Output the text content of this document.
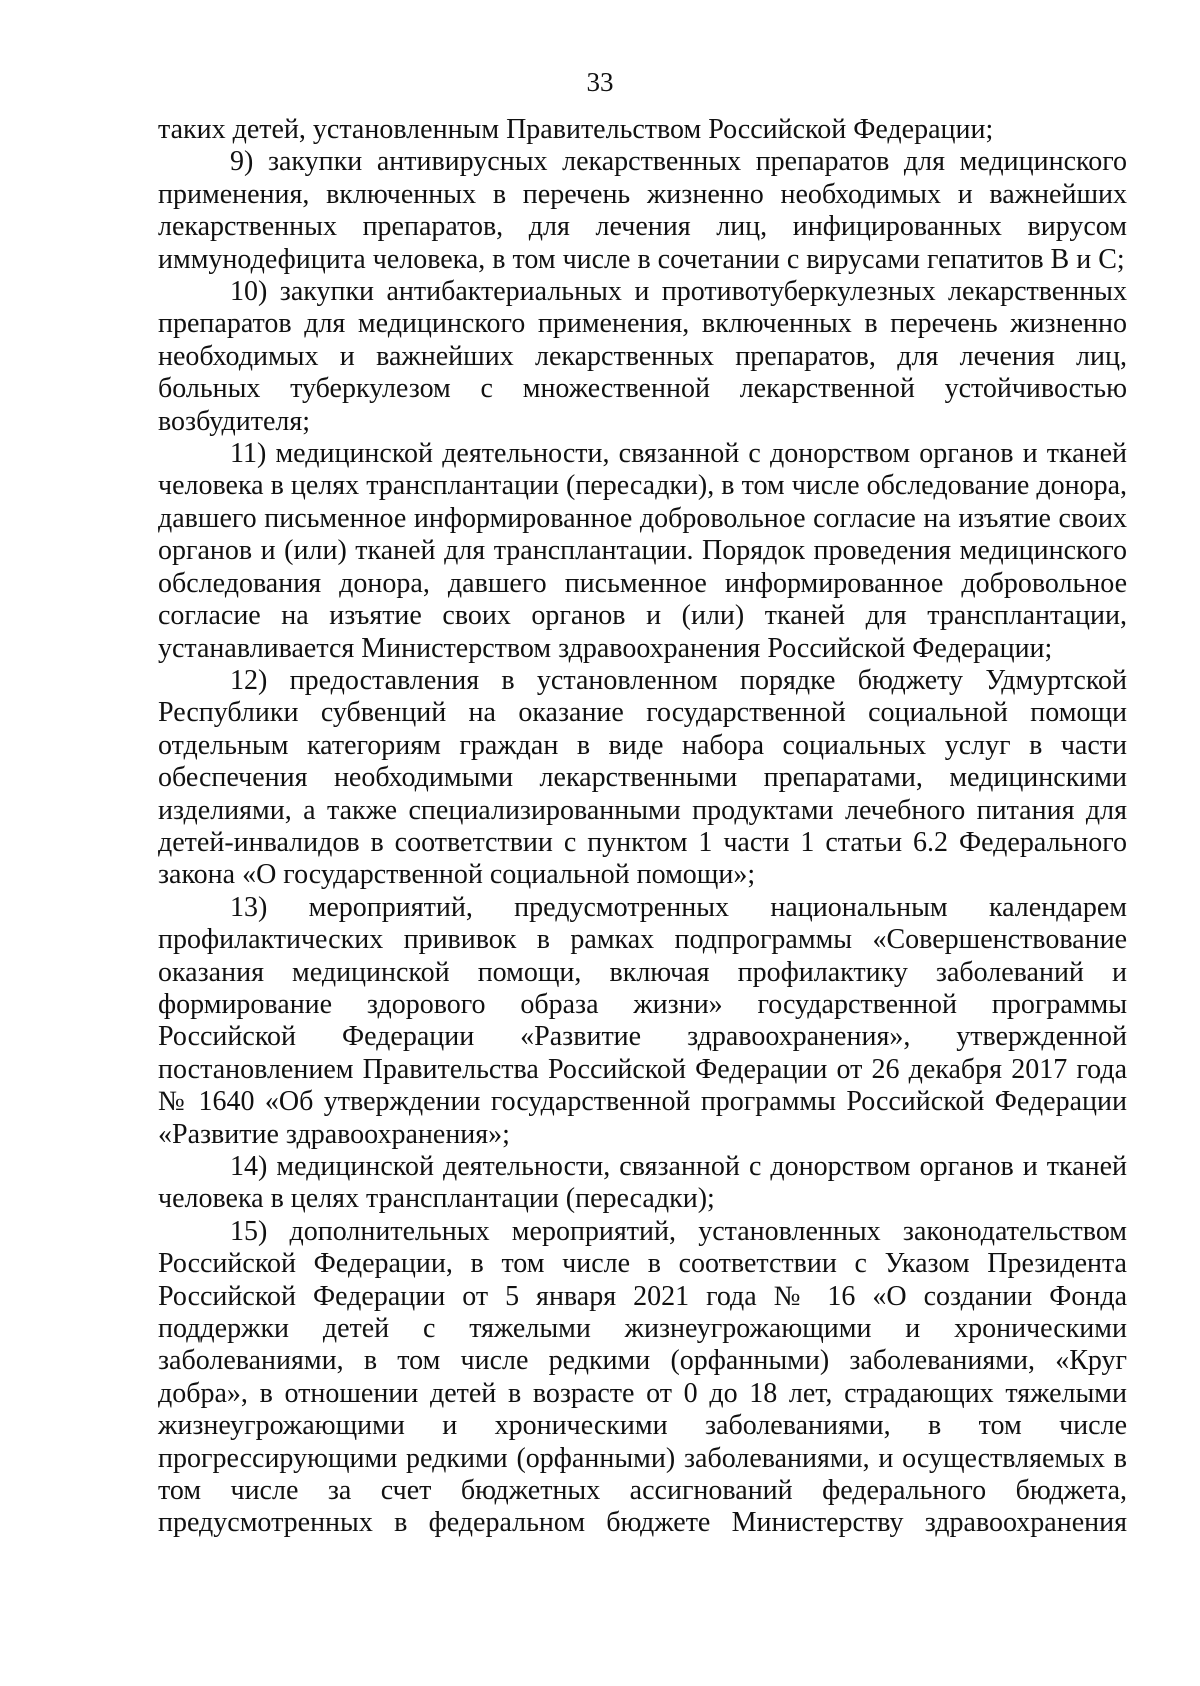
33

таких детей, установленным Правительством Российской Федерации;

9) закупки антивирусных лекарственных препаратов для медицинского применения, включенных в перечень жизненно необходимых и важнейших лекарственных препаратов, для лечения лиц, инфицированных вирусом иммунодефицита человека, в том числе в сочетании с вирусами гепатитов B и C;

10) закупки антибактериальных и противотуберкулезных лекарственных препаратов для медицинского применения, включенных в перечень жизненно необходимых и важнейших лекарственных препаратов, для лечения лиц, больных туберкулезом с множественной лекарственной устойчивостью возбудителя;

11) медицинской деятельности, связанной с донорством органов и тканей человека в целях трансплантации (пересадки), в том числе обследование донора, давшего письменное информированное добровольное согласие на изъятие своих органов и (или) тканей для трансплантации. Порядок проведения медицинского обследования донора, давшего письменное информированное добровольное согласие на изъятие своих органов и (или) тканей для трансплантации, устанавливается Министерством здравоохранения Российской Федерации;

12) предоставления в установленном порядке бюджету Удмуртской Республики субвенций на оказание государственной социальной помощи отдельным категориям граждан в виде набора социальных услуг в части обеспечения необходимыми лекарственными препаратами, медицинскими изделиями, а также специализированными продуктами лечебного питания для детей-инвалидов в соответствии с пунктом 1 части 1 статьи 6.2 Федерального закона «О государственной социальной помощи»;

13) мероприятий, предусмотренных национальным календарем профилактических прививок в рамках подпрограммы «Совершенствование оказания медицинской помощи, включая профилактику заболеваний и формирование здорового образа жизни» государственной программы Российской Федерации «Развитие здравоохранения», утвержденной постановлением Правительства Российской Федерации от 26 декабря 2017 года № 1640 «Об утверждении государственной программы Российской Федерации «Развитие здравоохранения»;

14) медицинской деятельности, связанной с донорством органов и тканей человека в целях трансплантации (пересадки);

15) дополнительных мероприятий, установленных законодательством Российской Федерации, в том числе в соответствии с Указом Президента Российской Федерации от 5 января 2021 года № 16 «О создании Фонда поддержки детей с тяжелыми жизнеугрожающими и хроническими заболеваниями, в том числе редкими (орфанными) заболеваниями, «Круг добра», в отношении детей в возрасте от 0 до 18 лет, страдающих тяжелыми жизнеугрожающими и хроническими заболеваниями, в том числе прогрессирующими редкими (орфанными) заболеваниями, и осуществляемых в том числе за счет бюджетных ассигнований федерального бюджета, предусмотренных в федеральном бюджете Министерству здравоохранения
